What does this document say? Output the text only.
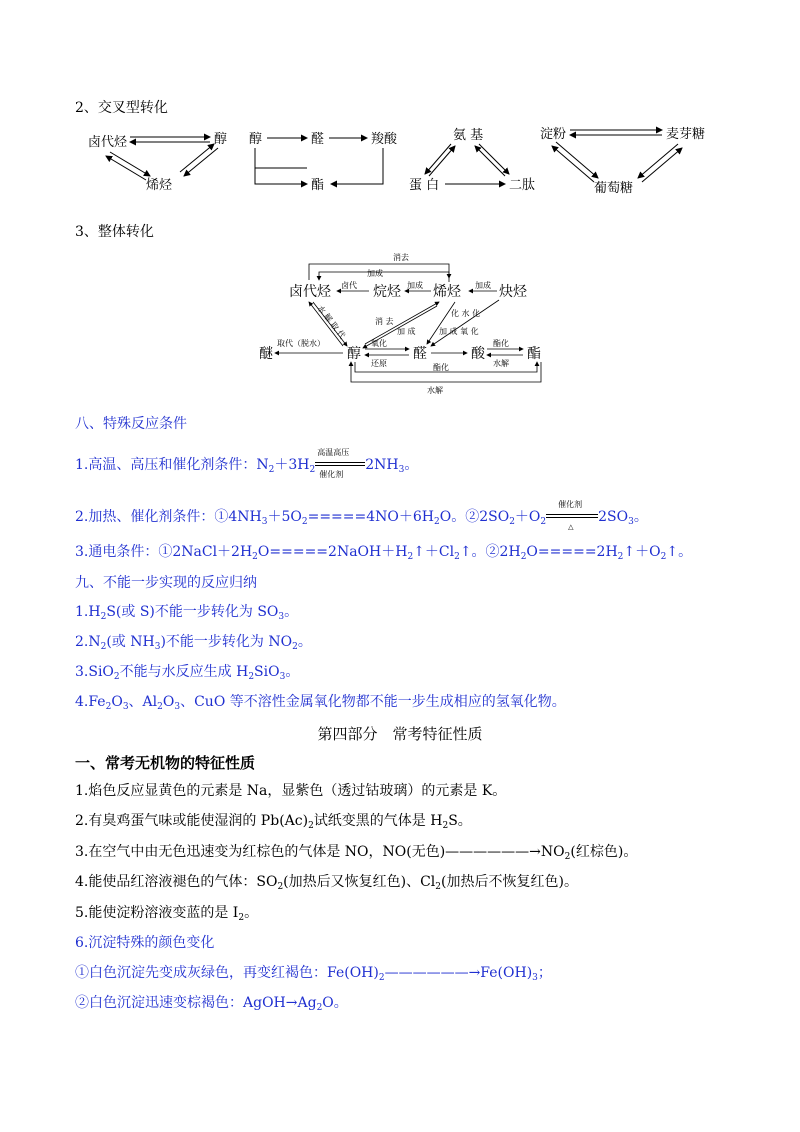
2、交叉型转化
卤代烃	醇
烯烃
醇	醛	羧酸
酯
氨 基
蛋 白	二肽
淀粉	麦芽糖
葡萄糖
3、整体转化
卤代烃	烷烃 烯烃	炔烃
醚	醇	醛	酸	酯
消去
加成
卤代	加成	加成
水 解 取 代	消 去
加 成
化 水 化
加 成 氧 化
取代（脱水）	氧化
还原
酯化
水解
酯化
水解
八、特殊反应条件
1.高温、高压和催化剂条件：$N_2+3H_2$
高温高压
催化剂
$2NH_3$。
2.加热、催化剂条件：$①4NH_3+5O_2=====4NO+6H_2O$。$②2SO_2+O_2$
催化剂
△
$2SO_3$。
3.通电条件：$①2NaCl+2H_2O=====2NaOH+H_2↑+Cl_2↑$。$②2H_2O=====2H_2↑+O_2↑$。
九、不能一步实现的反应归纳
$1.H_2S$(或 S)不能一步转化为 $SO_3$。
$2.N_2$(或 $NH_3$)不能一步转化为 $NO_2$。
3.SiO$_2$不能与水反应生成 $H_2SiO_3$。
$4.Fe_2O_3$、$Al_2O_3$、CuO 等不溶性金属氧化物都不能一步生成相应的氢氧化物。
第四部分　常考特征性质
一、常考无机物的特征性质
1.焰色反应显黄色的元素是 Na，显紫色（透过钴玻璃）的元素是 K。
2.有臭鸡蛋气味或能使湿润的 $Pb(Ac)_2$试纸变黑的气体是 $H_2S$。
3.在空气中由无色迅速变为红棕色的气体是 NO，NO(无色)$——————\to NO_2$(红棕色)。
4.能使品红溶液褪色的气体：$SO_2$(加热后又恢复红色)、$Cl_2$(加热后不恢复红色)。
5.能使淀粉溶液变蓝的是 $I_2$。
6.沉淀特殊的颜色变化
①白色沉淀先变成灰绿色，再变红褐色：$Fe(OH)_2——————\to Fe(OH)_3$；
②白色沉淀迅速变棕褐色：$AgOH\to Ag_2O$。
